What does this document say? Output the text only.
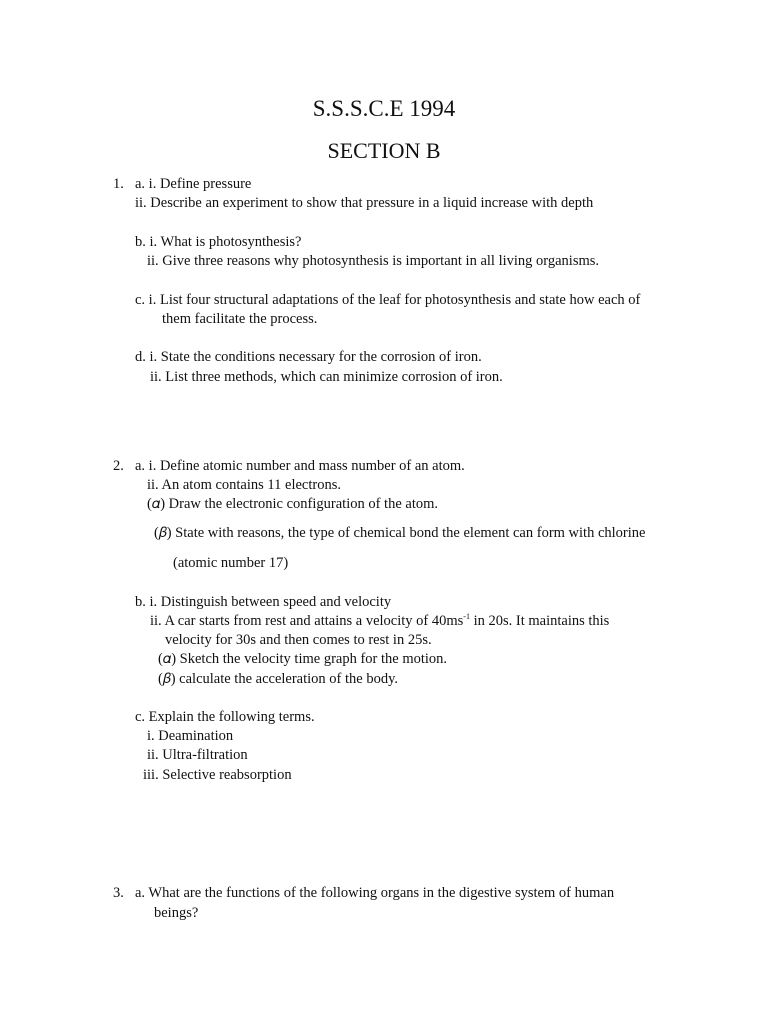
S.S.S.C.E 1994
SECTION B
1. a. i. Define pressure
ii. Describe an experiment to show that pressure in a liquid increase with depth
b. i. What is photosynthesis?
ii. Give three reasons why photosynthesis is important in all living organisms.
c. i. List four structural adaptations of the leaf for photosynthesis and state how each of
them facilitate the process.
d. i. State the conditions necessary for the corrosion of iron.
ii. List three methods, which can minimize corrosion of iron.
2. a. i. Define atomic number and mass number of an atom.
ii. An atom contains 11 electrons.
(𝛼) Draw the electronic configuration of the atom.
(𝛽) State with reasons, the type of chemical bond the element can form with chlorine
(atomic number 17)
b. i. Distinguish between speed and velocity
ii. A car starts from rest and attains a velocity of $40ms^{-1}$ in 20s. It maintains this
velocity for 30s and then comes to rest in 25s.
(𝛼) Sketch the velocity time graph for the motion.
(𝛽) calculate the acceleration of the body.
c. Explain the following terms.
i. Deamination
ii. Ultra-filtration
iii. Selective reabsorption
3. a. What are the functions of the following organs in the digestive system of human
beings?
